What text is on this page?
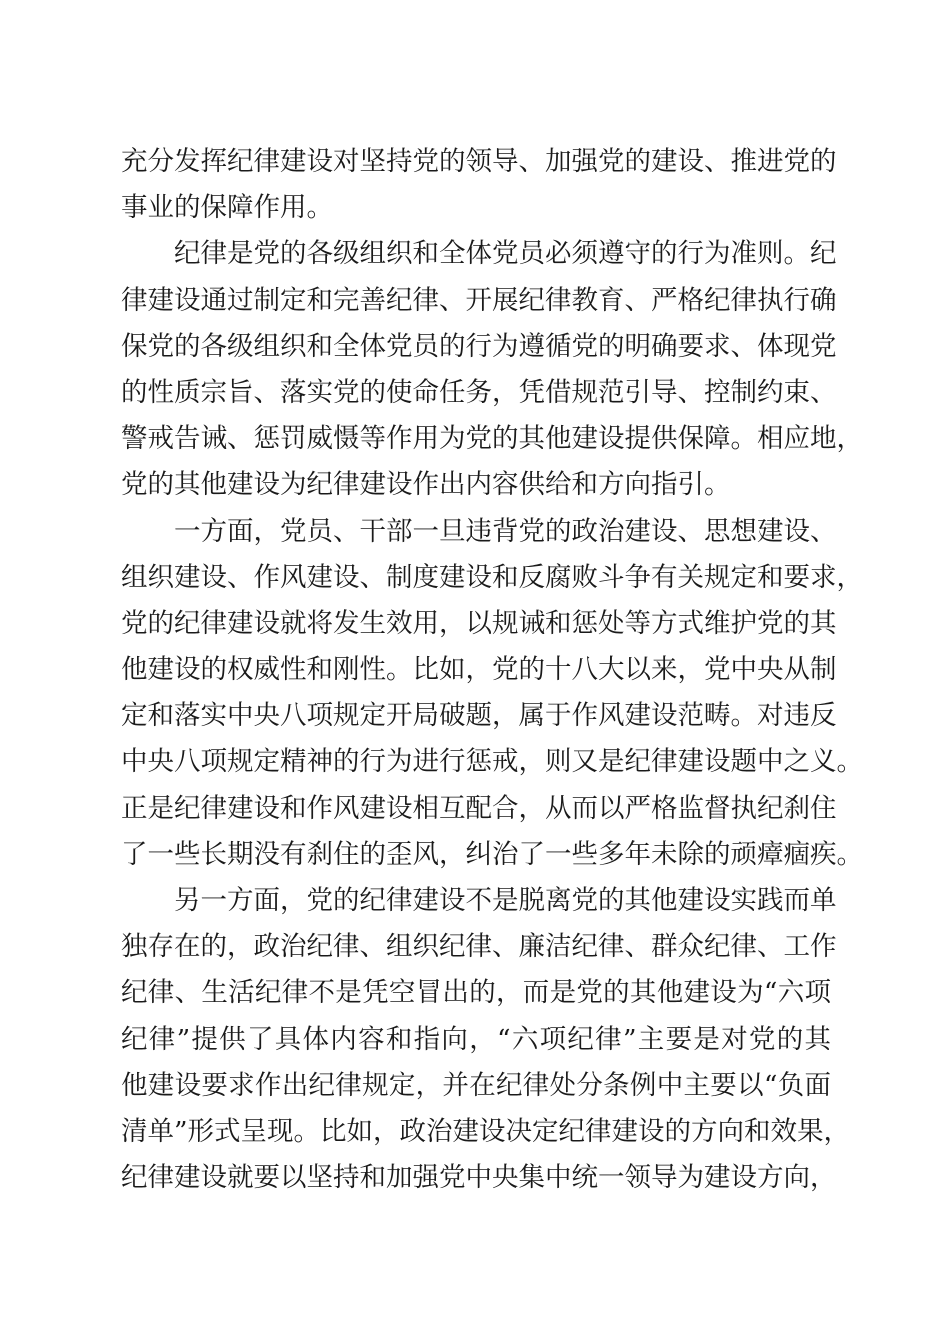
充分发挥纪律建设对坚持党的领导、加强党的建设、推进党的
事业的保障作用。
纪律是党的各级组织和全体党员必须遵守的行为准则。纪
律建设通过制定和完善纪律、开展纪律教育、严格纪律执行确
保党的各级组织和全体党员的行为遵循党的明确要求、体现党
的性质宗旨、落实党的使命任务，凭借规范引导、控制约束、
警戒告诫、惩罚威慑等作用为党的其他建设提供保障。相应地，
党的其他建设为纪律建设作出内容供给和方向指引。
一方面，党员、干部一旦违背党的政治建设、思想建设、
组织建设、作风建设、制度建设和反腐败斗争有关规定和要求，
党的纪律建设就将发生效用，以规诫和惩处等方式维护党的其
他建设的权威性和刚性。比如，党的十八大以来，党中央从制
定和落实中央八项规定开局破题，属于作风建设范畴。对违反
中央八项规定精神的行为进行惩戒，则又是纪律建设题中之义。
正是纪律建设和作风建设相互配合，从而以严格监督执纪刹住
了一些长期没有刹住的歪风，纠治了一些多年未除的顽瘴痼疾。
另一方面，党的纪律建设不是脱离党的其他建设实践而单
独存在的，政治纪律、组织纪律、廉洁纪律、群众纪律、工作
纪律、生活纪律不是凭空冒出的，而是党的其他建设为“六项
纪律”提供了具体内容和指向，“六项纪律”主要是对党的其
他建设要求作出纪律规定，并在纪律处分条例中主要以“负面
清单”形式呈现。比如，政治建设决定纪律建设的方向和效果，
纪律建设就要以坚持和加强党中央集中统一领导为建设方向，
